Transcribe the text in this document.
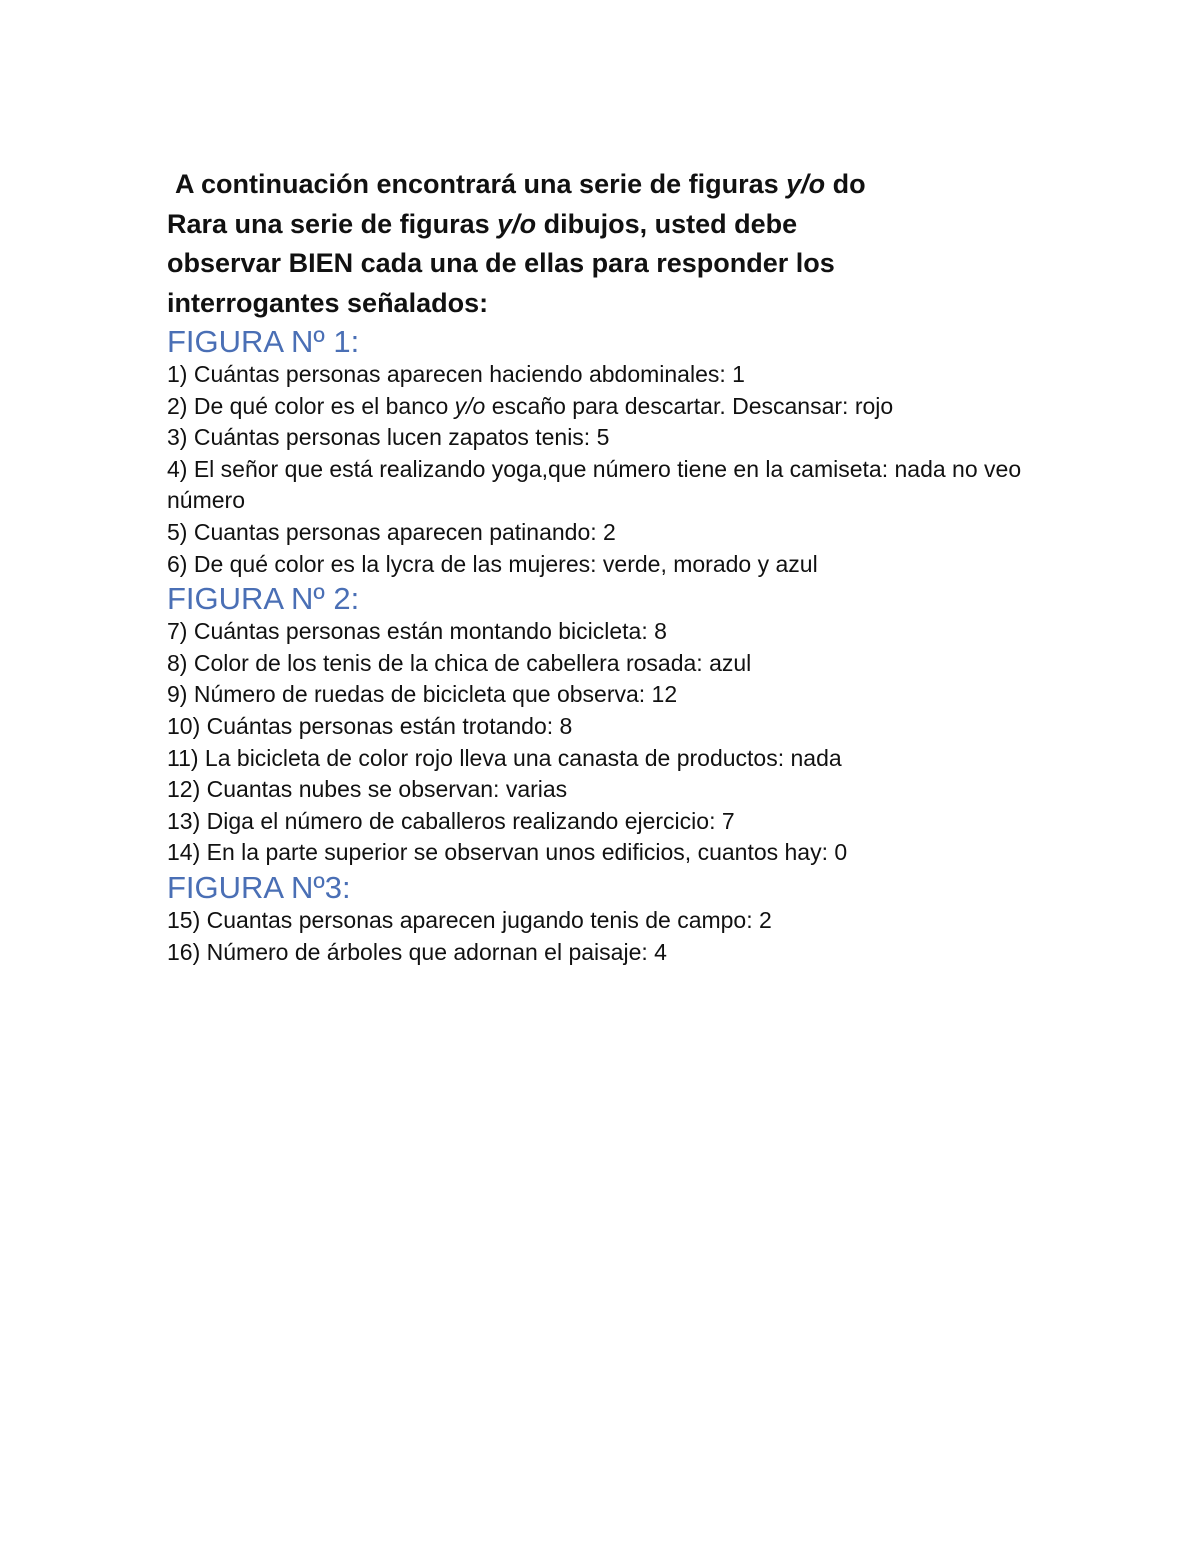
A continuación encontrará una serie de figuras y/o do
Rara una serie de figuras y/o dibujos, usted debe
observar BIEN cada una de ellas para responder los
interrogantes señalados:

FIGURA Nº 1:

1) Cuántas personas aparecen haciendo abdominales: 1

2) De qué color es el banco y/o escaño para descartar. Descansar: rojo

3) Cuántas personas lucen zapatos tenis: 5

4) El señor que está realizando yoga,que número tiene en la camiseta: nada no veo número

5) Cuantas personas aparecen patinando: 2

6) De qué color es la lycra de las mujeres: verde, morado y azul

FIGURA Nº 2:

7) Cuántas personas están montando bicicleta: 8

8) Color de los tenis de la chica de cabellera rosada: azul

9) Número de ruedas de bicicleta que observa: 12

10) Cuántas personas están trotando: 8

11) La bicicleta de color rojo lleva una canasta de productos: nada

12) Cuantas nubes se observan: varias

13) Diga el número de caballeros realizando ejercicio: 7

14) En la parte superior se observan unos edificios, cuantos hay: 0

FIGURA Nº3:

15) Cuantas personas aparecen jugando tenis de campo: 2

16) Número de árboles que adornan el paisaje: 4
